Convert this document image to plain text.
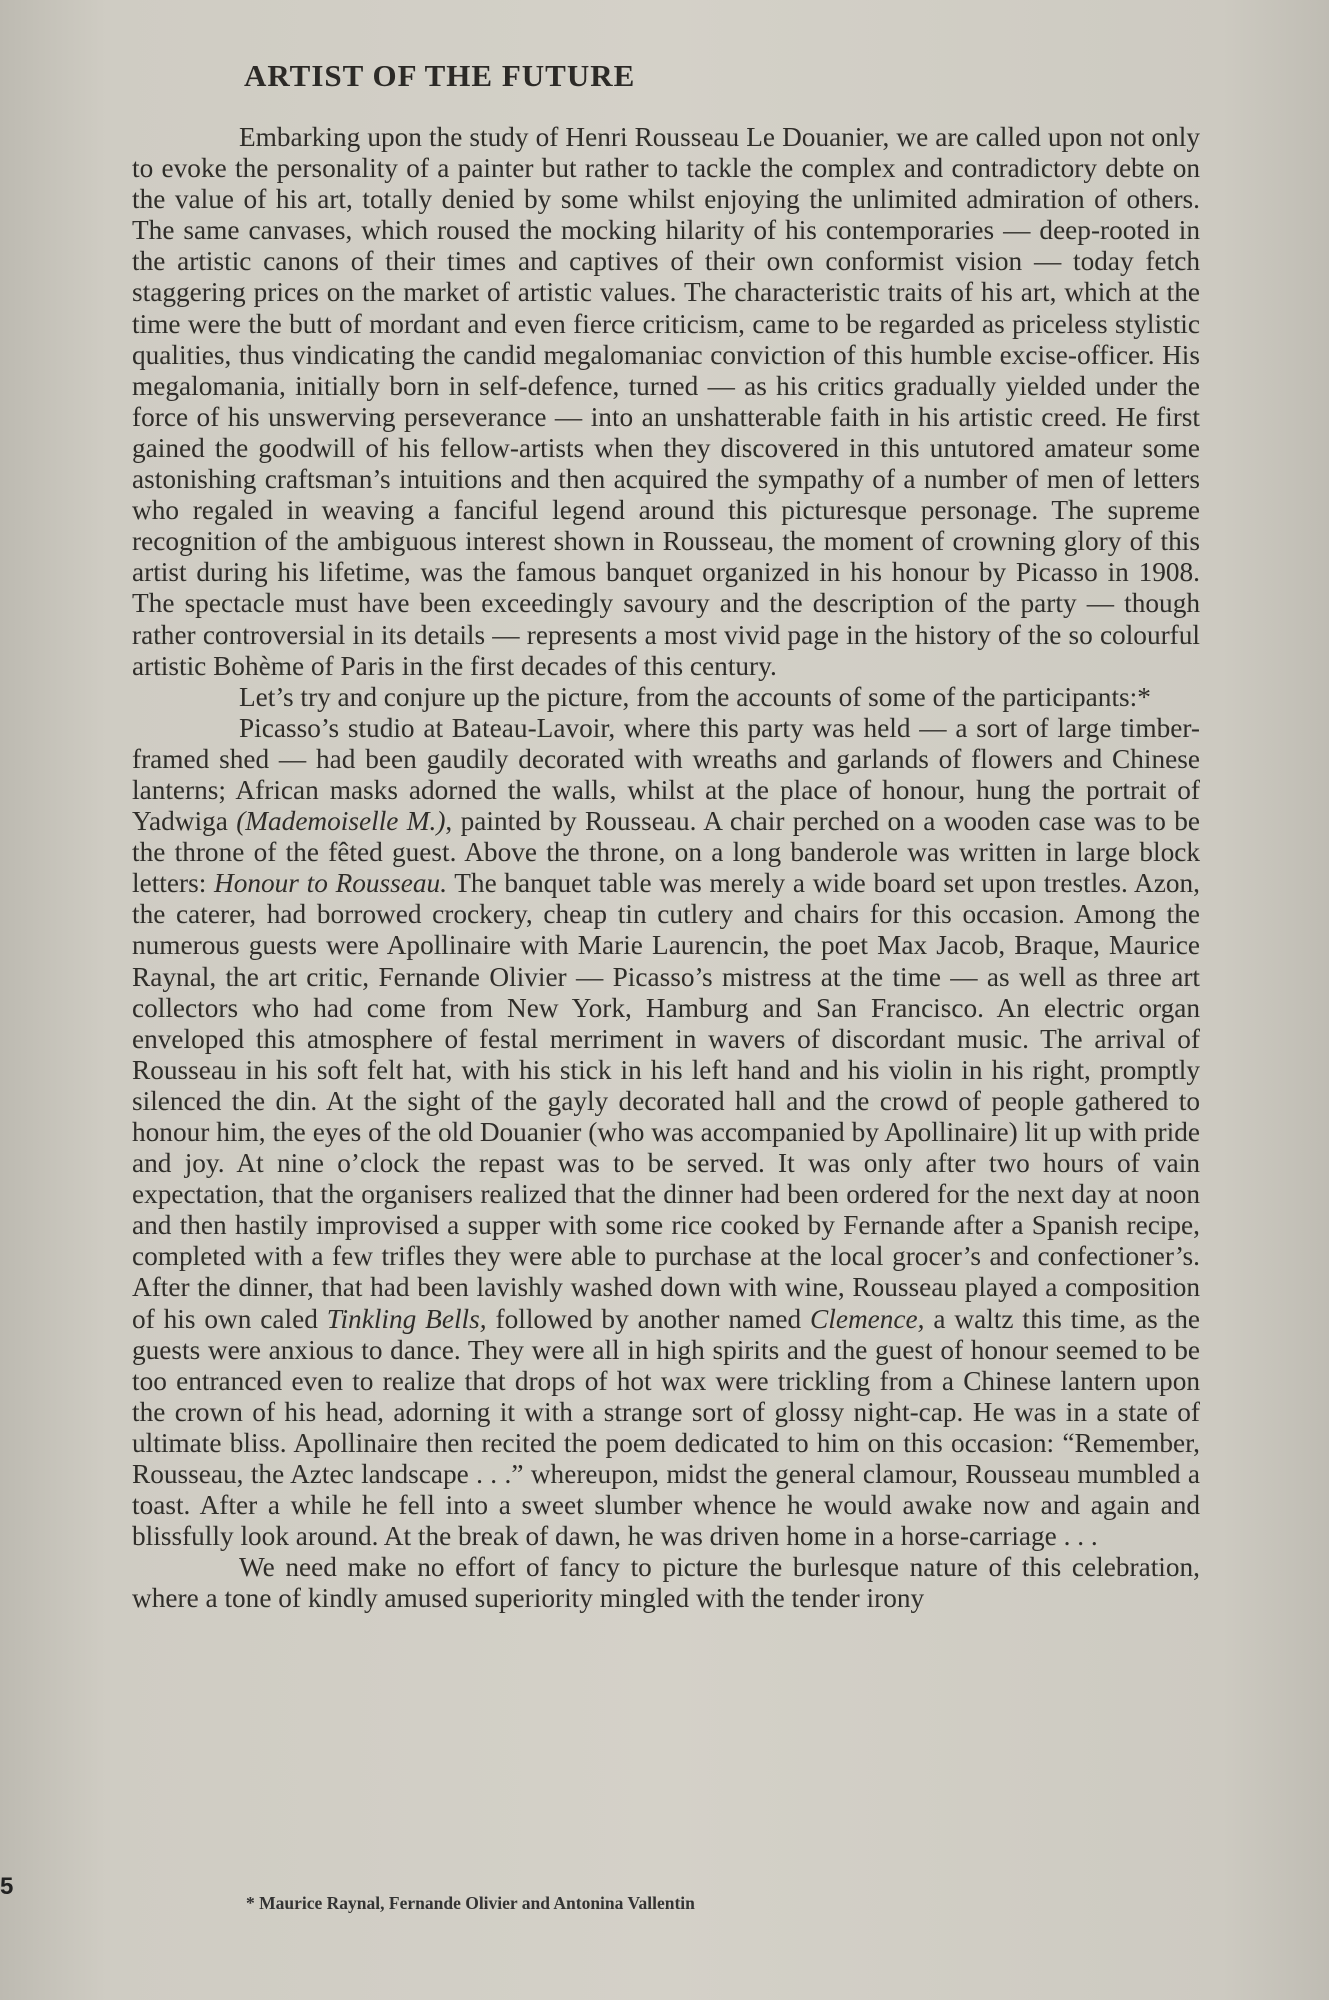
ARTIST OF THE FUTURE

Embarking upon the study of Henri Rousseau Le Douanier, we are called upon not only to evoke the personality of a painter but rather to tackle the complex and contradictory debte on the value of his art, totally denied by some whilst enjoying the unlimited admiration of others. The same canvases, which roused the mocking hilarity of his contemporaries — deep-rooted in the artistic canons of their times and captives of their own conformist vision — today fetch staggering prices on the market of artistic values. The characteristic traits of his art, which at the time were the butt of mordant and even fierce criticism, came to be regarded as priceless stylistic qualities, thus vindicating the candid megalomaniac conviction of this humble excise-officer. His megalomania, initially born in self-defence, turned — as his critics gradually yielded under the force of his unswerving perseverance — into an unshatterable faith in his artistic creed. He first gained the goodwill of his fellow-artists when they discovered in this untutored amateur some astonishing craftsman’s intuitions and then acquired the sympathy of a number of men of letters who regaled in weaving a fanciful legend around this picturesque personage. The supreme recognition of the ambiguous interest shown in Rousseau, the moment of crowning glory of this artist during his lifetime, was the famous banquet organized in his honour by Picasso in 1908. The spectacle must have been exceedingly savoury and the description of the party — though rather controversial in its details — represents a most vivid page in the history of the so colourful artistic Bohème of Paris in the first decades of this century.

Let’s try and conjure up the picture, from the accounts of some of the participants:*

Picasso’s studio at Bateau-Lavoir, where this party was held — a sort of large timber-framed shed — had been gaudily decorated with wreaths and garlands of flowers and Chinese lanterns; African masks adorned the walls, whilst at the place of honour, hung the portrait of Yadwiga (Mademoiselle M.), painted by Rousseau. A chair perched on a wooden case was to be the throne of the fêted guest. Above the throne, on a long banderole was written in large block letters: Honour to Rousseau. The banquet table was merely a wide board set upon trestles. Azon, the caterer, had borrowed crockery, cheap tin cutlery and chairs for this occasion. Among the numerous guests were Apollinaire with Marie Laurencin, the poet Max Jacob, Braque, Maurice Raynal, the art critic, Fernande Olivier — Picasso’s mistress at the time — as well as three art collectors who had come from New York, Hamburg and San Francisco. An electric organ enveloped this atmosphere of festal merriment in wavers of discordant music. The arrival of Rousseau in his soft felt hat, with his stick in his left hand and his violin in his right, promptly silenced the din. At the sight of the gayly decorated hall and the crowd of people gathered to honour him, the eyes of the old Douanier (who was accompanied by Apollinaire) lit up with pride and joy. At nine o’clock the repast was to be served. It was only after two hours of vain expectation, that the organisers realized that the dinner had been ordered for the next day at noon and then hastily improvised a supper with some rice cooked by Fernande after a Spanish recipe, completed with a few trifles they were able to purchase at the local grocer’s and confectioner’s. After the dinner, that had been lavishly washed down with wine, Rousseau played a composition of his own caled Tinkling Bells, followed by another named Clemence, a waltz this time, as the guests were anxious to dance. They were all in high spirits and the guest of honour seemed to be too entranced even to realize that drops of hot wax were trickling from a Chinese lantern upon the crown of his head, adorning it with a strange sort of glossy night-cap. He was in a state of ultimate bliss. Apollinaire then recited the poem dedicated to him on this occasion: “Remember, Rousseau, the Aztec landscape . . .” whereupon, midst the general clamour, Rousseau mumbled a toast. After a while he fell into a sweet slumber whence he would awake now and again and blissfully look around. At the break of dawn, he was driven home in a horse-carriage . . .

We need make no effort of fancy to picture the burlesque nature of this celebration, where a tone of kindly amused superiority mingled with the tender irony

* Maurice Raynal, Fernande Olivier and Antonina Vallentin
5
